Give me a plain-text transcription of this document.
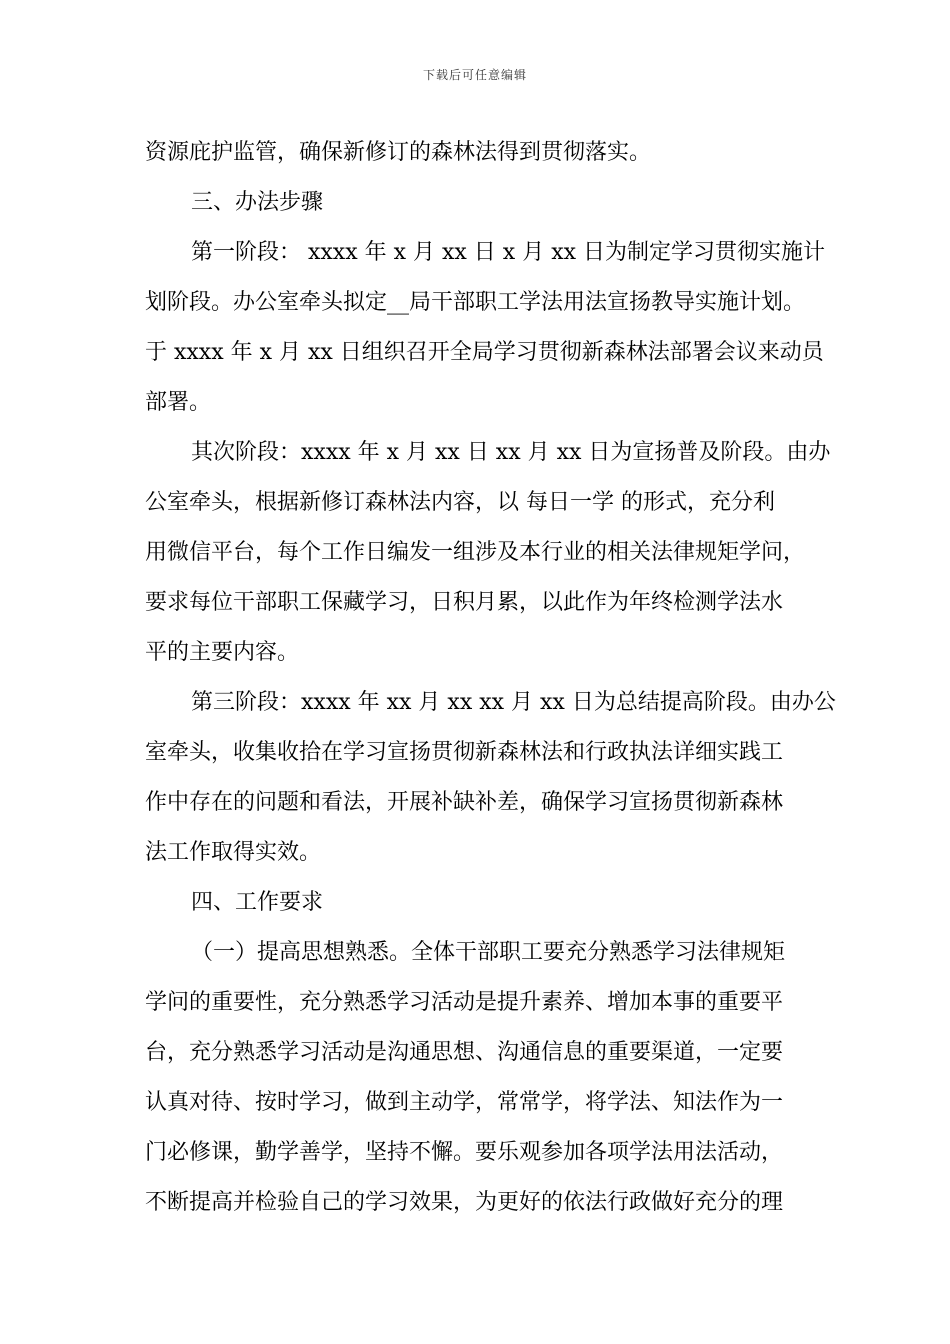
下载后可任意编辑
资源庇护监管，确保新修订的森林法得到贯彻落实。
三、办法步骤
第一阶段： xxxx 年 x 月 xx 日 x 月 xx 日为制定学习贯彻实施计
划阶段。办公室牵头拟定__局干部职工学法用法宣扬教导实施计划。
于 xxxx 年 x 月 xx 日组织召开全局学习贯彻新森林法部署会议来动员
部署。
其次阶段：xxxx 年 x 月 xx 日 xx 月 xx 日为宣扬普及阶段。由办
公室牵头，根据新修订森林法内容，以 每日一学 的形式，充分利
用微信平台，每个工作日编发一组涉及本行业的相关法律规矩学问，
要求每位干部职工保藏学习，日积月累，以此作为年终检测学法水
平的主要内容。
第三阶段：xxxx 年 xx 月 xx xx 月 xx 日为总结提高阶段。由办公
室牵头，收集收拾在学习宣扬贯彻新森林法和行政执法详细实践工
作中存在的问题和看法，开展补缺补差，确保学习宣扬贯彻新森林
法工作取得实效。
四、工作要求
（一）提高思想熟悉。全体干部职工要充分熟悉学习法律规矩
学问的重要性，充分熟悉学习活动是提升素养、增加本事的重要平
台，充分熟悉学习活动是沟通思想、沟通信息的重要渠道，一定要
认真对待、按时学习，做到主动学，常常学，将学法、知法作为一
门必修课，勤学善学，坚持不懈。要乐观参加各项学法用法活动，
不断提高并检验自己的学习效果，为更好的依法行政做好充分的理
